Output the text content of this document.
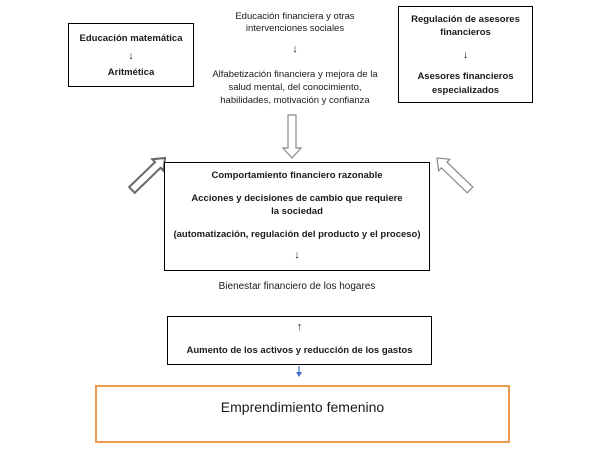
Educación matemática
↓
Aritmética
Educación financiera y otras
intervenciones sociales
↓
Alfabetización financiera y mejora de la
salud mental, del conocimiento,
habilidades, motivación y confianza
Regulación de asesores
financieros
↓
Asesores financieros
especializados
Comportamiento financiero razonable
Acciones y decisiones de cambio que requiere
la sociedad
(automatización, regulación del producto y el proceso)
↓
Bienestar financiero de los hogares
↑
Aumento de los activos y reducción de los gastos
Emprendimiento femenino
